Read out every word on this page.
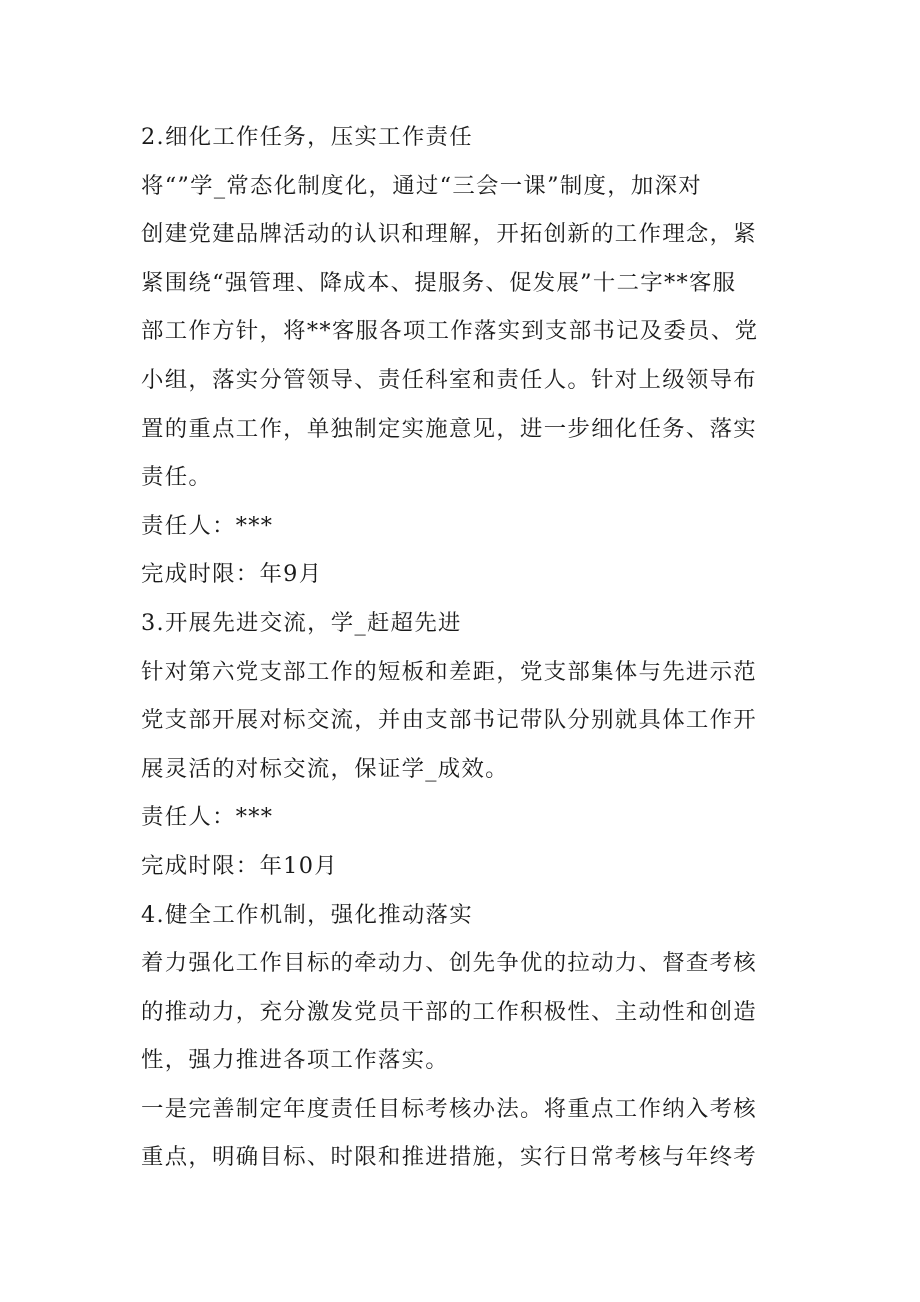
2.细化工作任务，压实工作责任
将“”学_常态化制度化，通过“三会一课”制度，加深对
创建党建品牌活动的认识和理解，开拓创新的工作理念，紧
紧围绕“强管理、降成本、提服务、促发展”十二字**客服
部工作方针，将**客服各项工作落实到支部书记及委员、党
小组，落实分管领导、责任科室和责任人。针对上级领导布
置的重点工作，单独制定实施意见，进一步细化任务、落实
责任。
责任人：***
完成时限：年9月
3.开展先进交流，学_赶超先进
针对第六党支部工作的短板和差距，党支部集体与先进示范
党支部开展对标交流，并由支部书记带队分别就具体工作开
展灵活的对标交流，保证学_成效。
责任人：***
完成时限：年10月
4.健全工作机制，强化推动落实
着力强化工作目标的牵动力、创先争优的拉动力、督查考核
的推动力，充分激发党员干部的工作积极性、主动性和创造
性，强力推进各项工作落实。
一是完善制定年度责任目标考核办法。将重点工作纳入考核
重点，明确目标、时限和推进措施，实行日常考核与年终考
